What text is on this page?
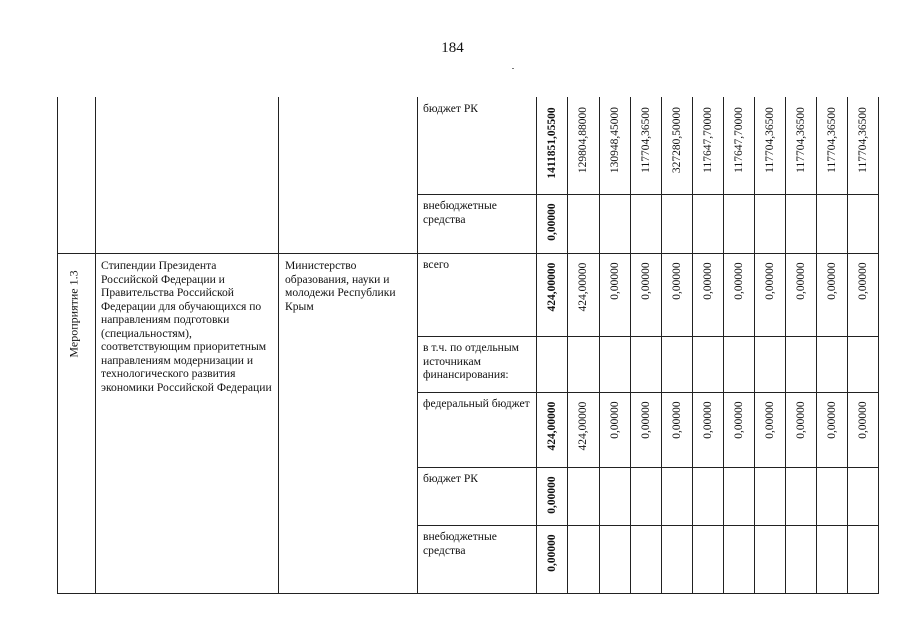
184
Мероприятие 1.3
Стипендии Президента Российской Федерации и Правительства Российской Федерации для обучающихся по направлениям подготовки (специальностям), соответствующим приоритетным направлениям модернизации и технологического развития экономики Российской Федерации
Министерство образования, науки и молодежи Республики Крым
бюджет РК	1411851,05500 129804,88000 130948,45000 117704,36500 327280,50000 117647,70000 117647,70000 117704,36500 117704,36500 117704,36500 117704,36500
внебюджетные средства	0,00000
всего	424,00000 424,00000 0,00000 0,00000 0,00000 0,00000 0,00000 0,00000 0,00000 0,00000 0,00000
в т.ч. по отдельным источникам финансирования:
федеральный бюджет 424,00000 424,00000 0,00000 0,00000 0,00000 0,00000 0,00000 0,00000 0,00000 0,00000 0,00000
бюджет РК	0,00000
внебюджетные средства	0,00000
